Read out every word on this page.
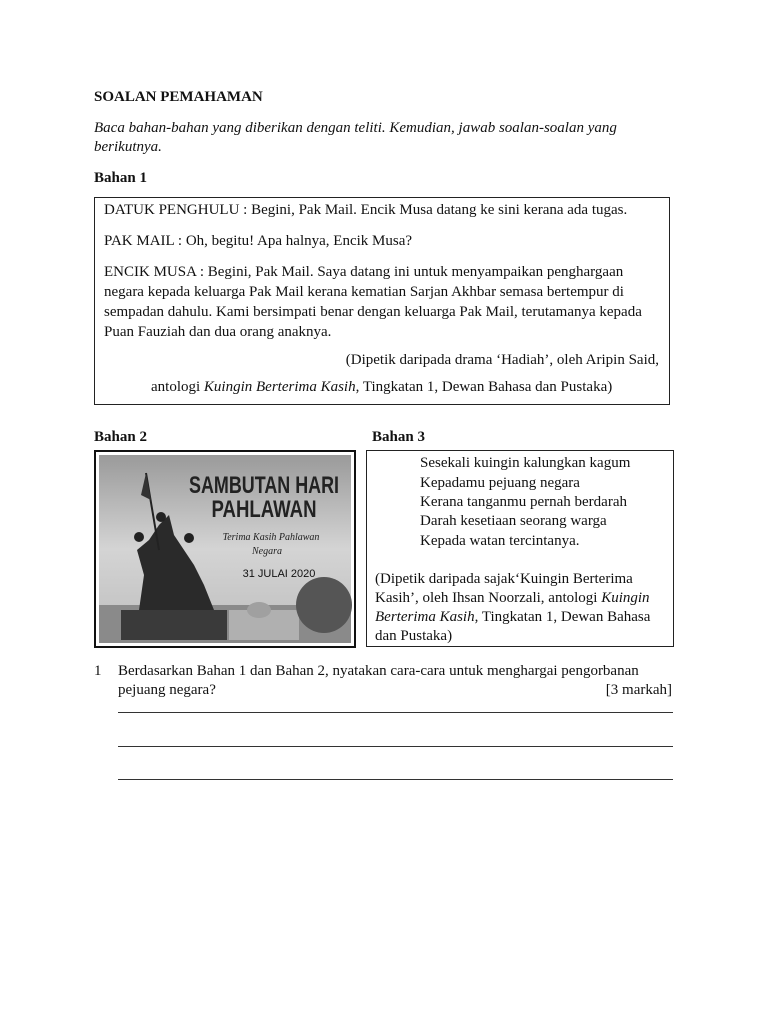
SOALAN PEMAHAMAN
Baca bahan-bahan yang diberikan dengan teliti. Kemudian, jawab soalan-soalan yang
berikutnya.
Bahan 1
DATUK PENGHULU : Begini, Pak Mail. Encik Musa datang ke sini kerana ada tugas.
PAK MAIL : Oh, begitu! Apa halnya, Encik Musa?
ENCIK MUSA : Begini, Pak Mail. Saya datang ini untuk menyampaikan penghargaan
negara kepada keluarga Pak Mail kerana kematian Sarjan Akhbar semasa bertempur di
sempadan dahulu. Kami bersimpati benar dengan keluarga Pak Mail, terutamanya kepada
Puan Fauziah dan dua orang anaknya.
(Dipetik daripada drama ‘Hadiah’, oleh Aripin Said,
antologi Kuingin Berterima Kasih, Tingkatan 1, Dewan Bahasa dan Pustaka)
Bahan 2	Bahan 3
SAMBUTAN HARI
PAHLAWAN
Terima Kasih Pahlawan
Negara
31 JULAI 2020
Sesekali kuingin kalungkan kagum
Kepadamu pejuang negara
Kerana tanganmu pernah berdarah
Darah kesetiaan seorang warga
Kepada watan tercintanya.
(Dipetik daripada sajak‘Kuingin Berterima
Kasih’, oleh Ihsan Noorzali, antologi Kuingin
Berterima Kasih, Tingkatan 1, Dewan Bahasa
dan Pustaka)
1 Berdasarkan Bahan 1 dan Bahan 2, nyatakan cara-cara untuk menghargai pengorbanan
pejuang negara?	[3 markah]
